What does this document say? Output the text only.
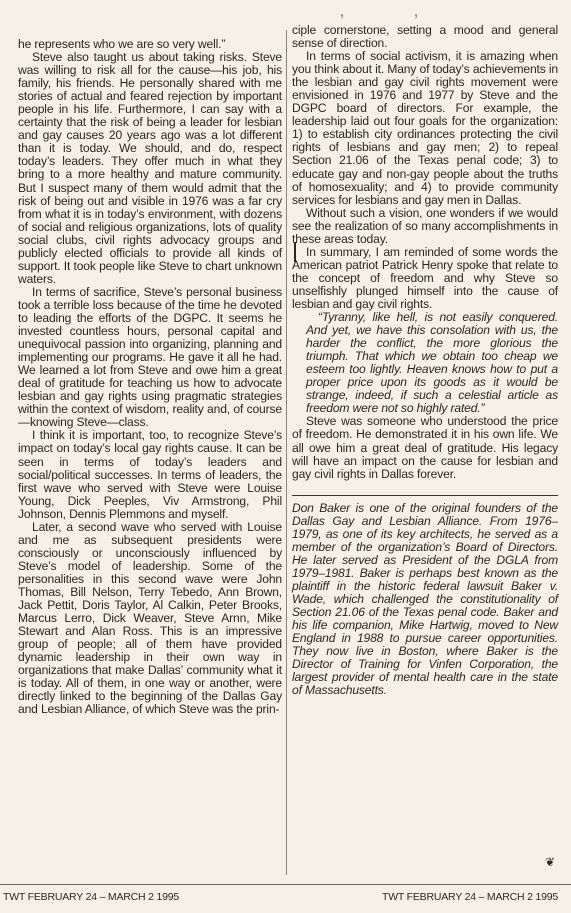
‚‚

he represents who we are so very well.”

Steve also taught us about taking risks. Steve was willing to risk all for the cause—his job, his family, his friends. He personally shared with me stories of actual and feared rejection by important people in his life. Furthermore, I can say with a certainty that the risk of being a leader for lesbian and gay causes 20 years ago was a lot different than it is today. We should, and do, respect today’s leaders. They offer much in what they bring to a more healthy and mature community. But I suspect many of them would admit that the risk of being out and visible in 1976 was a far cry from what it is in today’s environment, with dozens of social and religious organizations, lots of quality social clubs, civil rights advocacy groups and publicly elected officials to provide all kinds of support. It took people like Steve to chart unknown waters.

In terms of sacrifice, Steve’s personal business took a terrible loss because of the time he devoted to leading the efforts of the DGPC. It seems he invested countless hours, personal capital and unequivocal passion into organizing, planning and implementing our programs. He gave it all he had. We learned a lot from Steve and owe him a great deal of gratitude for teaching us how to advocate lesbian and gay rights using pragmatic strategies within the context of wisdom, reality and, of course—knowing Steve—class.

I think it is important, too, to recognize Steve’s impact on today’s local gay rights cause. It can be seen in terms of today’s leaders and social/political successes. In terms of leaders, the first wave who served with Steve were Louise Young, Dick Peeples, Viv Armstrong, Phil Johnson, Dennis Plemmons and myself.

Later, a second wave who served with Louise and me as subsequent presidents were consciously or unconsciously influenced by Steve’s model of leadership. Some of the personalities in this second wave were John Thomas, Bill Nelson, Terry Tebedo, Ann Brown, Jack Pettit, Doris Taylor, Al Calkin, Peter Brooks, Marcus Lerro, Dick Weaver, Steve Arnn, Mike Stewart and Alan Ross. This is an impressive group of people; all of them have provided dynamic leadership in their own way in organizations that make Dallas’ community what it is today. All of them, in one way or another, were directly linked to the beginning of the Dallas Gay and Lesbian Alliance, of which Steve was the prin-

ciple cornerstone, setting a mood and general sense of direction.

In terms of social activism, it is amazing when you think about it. Many of today’s achievements in the lesbian and gay civil rights movement were envisioned in 1976 and 1977 by Steve and the DGPC board of directors. For example, the leadership laid out four goals for the organization: 1) to establish city ordinances protecting the civil rights of lesbians and gay men; 2) to repeal Section 21.06 of the Texas penal code; 3) to educate gay and non-gay people about the truths of homosexuality; and 4) to provide community services for lesbians and gay men in Dallas.

Without such a vision, one wonders if we would see the realization of so many accomplishments in these areas today.

In summary, I am reminded of some words the American patriot Patrick Henry spoke that relate to the concept of freedom and why Steve so unselfishly plunged himself into the cause of lesbian and gay civil rights.

“Tyranny, like hell, is not easily conquered. And yet, we have this consolation with us, the harder the conflict, the more glorious the triumph. That which we obtain too cheap we esteem too lightly. Heaven knows how to put a proper price upon its goods as it would be strange, indeed, if such a celestial article as freedom were not so highly rated.”

Steve was someone who understood the price of freedom. He demonstrated it in his own life. We all owe him a great deal of gratitude. His legacy will have an impact on the cause for lesbian and gay civil rights in Dallas forever.

Don Baker is one of the original founders of the Dallas Gay and Lesbian Alliance. From 1976–1979, as one of its key architects, he served as a member of the organization’s Board of Directors. He later served as President of the DGLA from 1979–1981. Baker is perhaps best known as the plaintiff in the historic federal lawsuit Baker v. Wade, which challenged the constitutionality of Section 21.06 of the Texas penal code. Baker and his life companion, Mike Hartwig, moved to New England in 1988 to pursue career opportunities. They now live in Boston, where Baker is the Director of Training for Vinfen Corporation, the largest provider of mental health care in the state of Massachusetts.

❦
TWT FEBRUARY 24 – MARCH 2 1995	TWT FEBRUARY 24 – MARCH 2 1995
